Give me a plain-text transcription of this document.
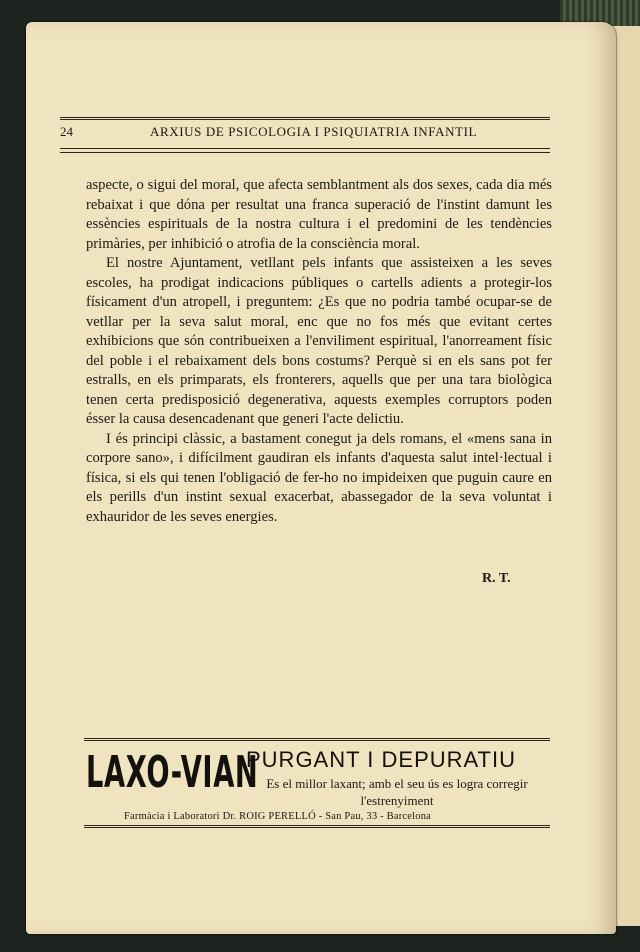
24	ARXIUS DE PSICOLOGIA I PSIQUIATRIA INFANTIL

aspecte, o sigui del moral, que afecta semblantment als dos sexes, cada dia més rebaixat i que dóna per resultat una franca superació de l'instint damunt les essències espirituals de la nostra cultura i el predomini de les tendències primàries, per inhibició o atrofia de la consciència moral.

El nostre Ajuntament, vetllant pels infants que assisteixen a les seves escoles, ha prodigat indicacions públiques o cartells adients a protegir-los físicament d'un atropell, i preguntem: ¿Es que no podria també ocupar-se de vetllar per la seva salut moral, enc que no fos més que evitant certes exhibicions que són contribueixen a l'enviliment espiritual, l'anorreament físic del poble i el rebaixament dels bons costums? Perquè si en els sans pot fer estralls, en els primparats, els fronterers, aquells que per una tara biològica tenen certa predisposició degenerativa, aquests exemples corruptors poden ésser la causa desencadenant que generi l'acte delictiu.

I és principi clàssic, a bastament conegut ja dels romans, el «mens sana in corpore sano», i difícilment gaudiran els infants d'aquesta salut intel·lectual i física, si els qui tenen l'obligació de fer-ho no impideixen que puguin caure en els perills d'un instint sexual exacerbat, abassegador de la seva voluntat i exhauridor de les seves energies.

R. T.
LAXO-VIAN
PURGANT I DEPURATIU
Es el millor laxant; amb el seu ús es logra corregir l'estrenyiment
Farmàcia i Laboratori Dr. ROIG PERELLÓ - San Pau, 33 - Barcelona
